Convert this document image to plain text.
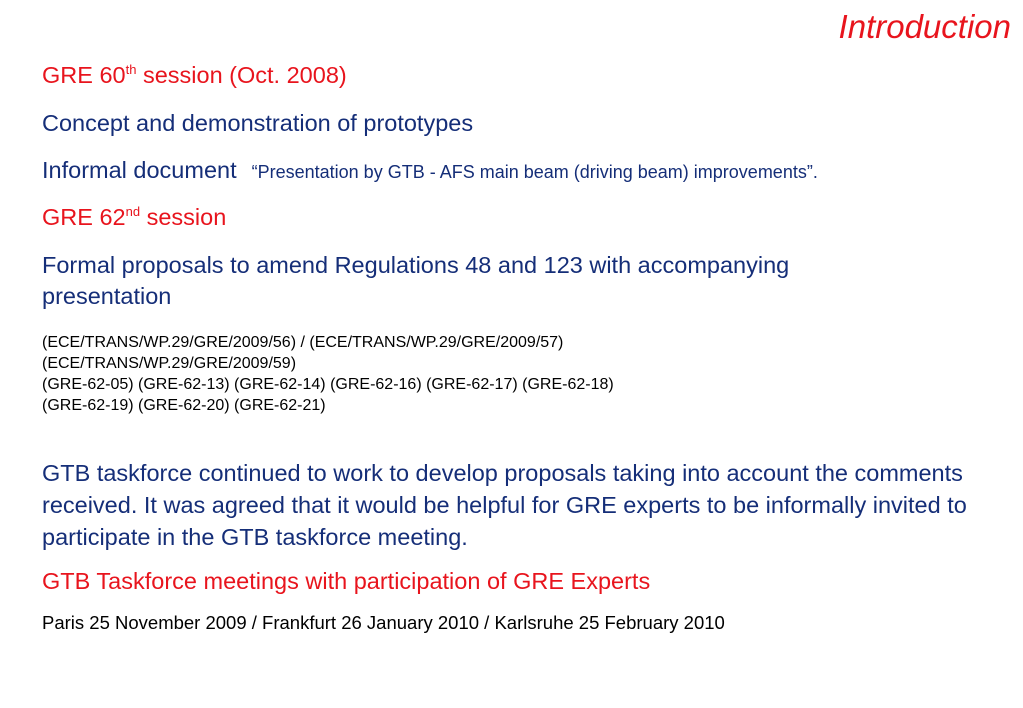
Introduction
GRE 60th session (Oct. 2008)
Concept and demonstration of prototypes
Informal document “Presentation by GTB - AFS main beam (driving beam) improvements”.
GRE 62nd session
Formal proposals to amend Regulations 48 and 123 with accompanying
presentation
(ECE/TRANS/WP.29/GRE/2009/56) / (ECE/TRANS/WP.29/GRE/2009/57)
(ECE/TRANS/WP.29/GRE/2009/59)
(GRE-62-05) (GRE-62-13) (GRE-62-14) (GRE-62-16) (GRE-62-17) (GRE-62-18)
(GRE-62-19) (GRE-62-20) (GRE-62-21)
GTB taskforce continued to work to develop proposals taking into account the comments received. It was agreed that it would be helpful for GRE experts to be informally invited to participate in the GTB taskforce meeting.
GTB Taskforce meetings with participation of GRE Experts
Paris 25 November 2009 / Frankfurt 26 January 2010 / Karlsruhe 25 February 2010
